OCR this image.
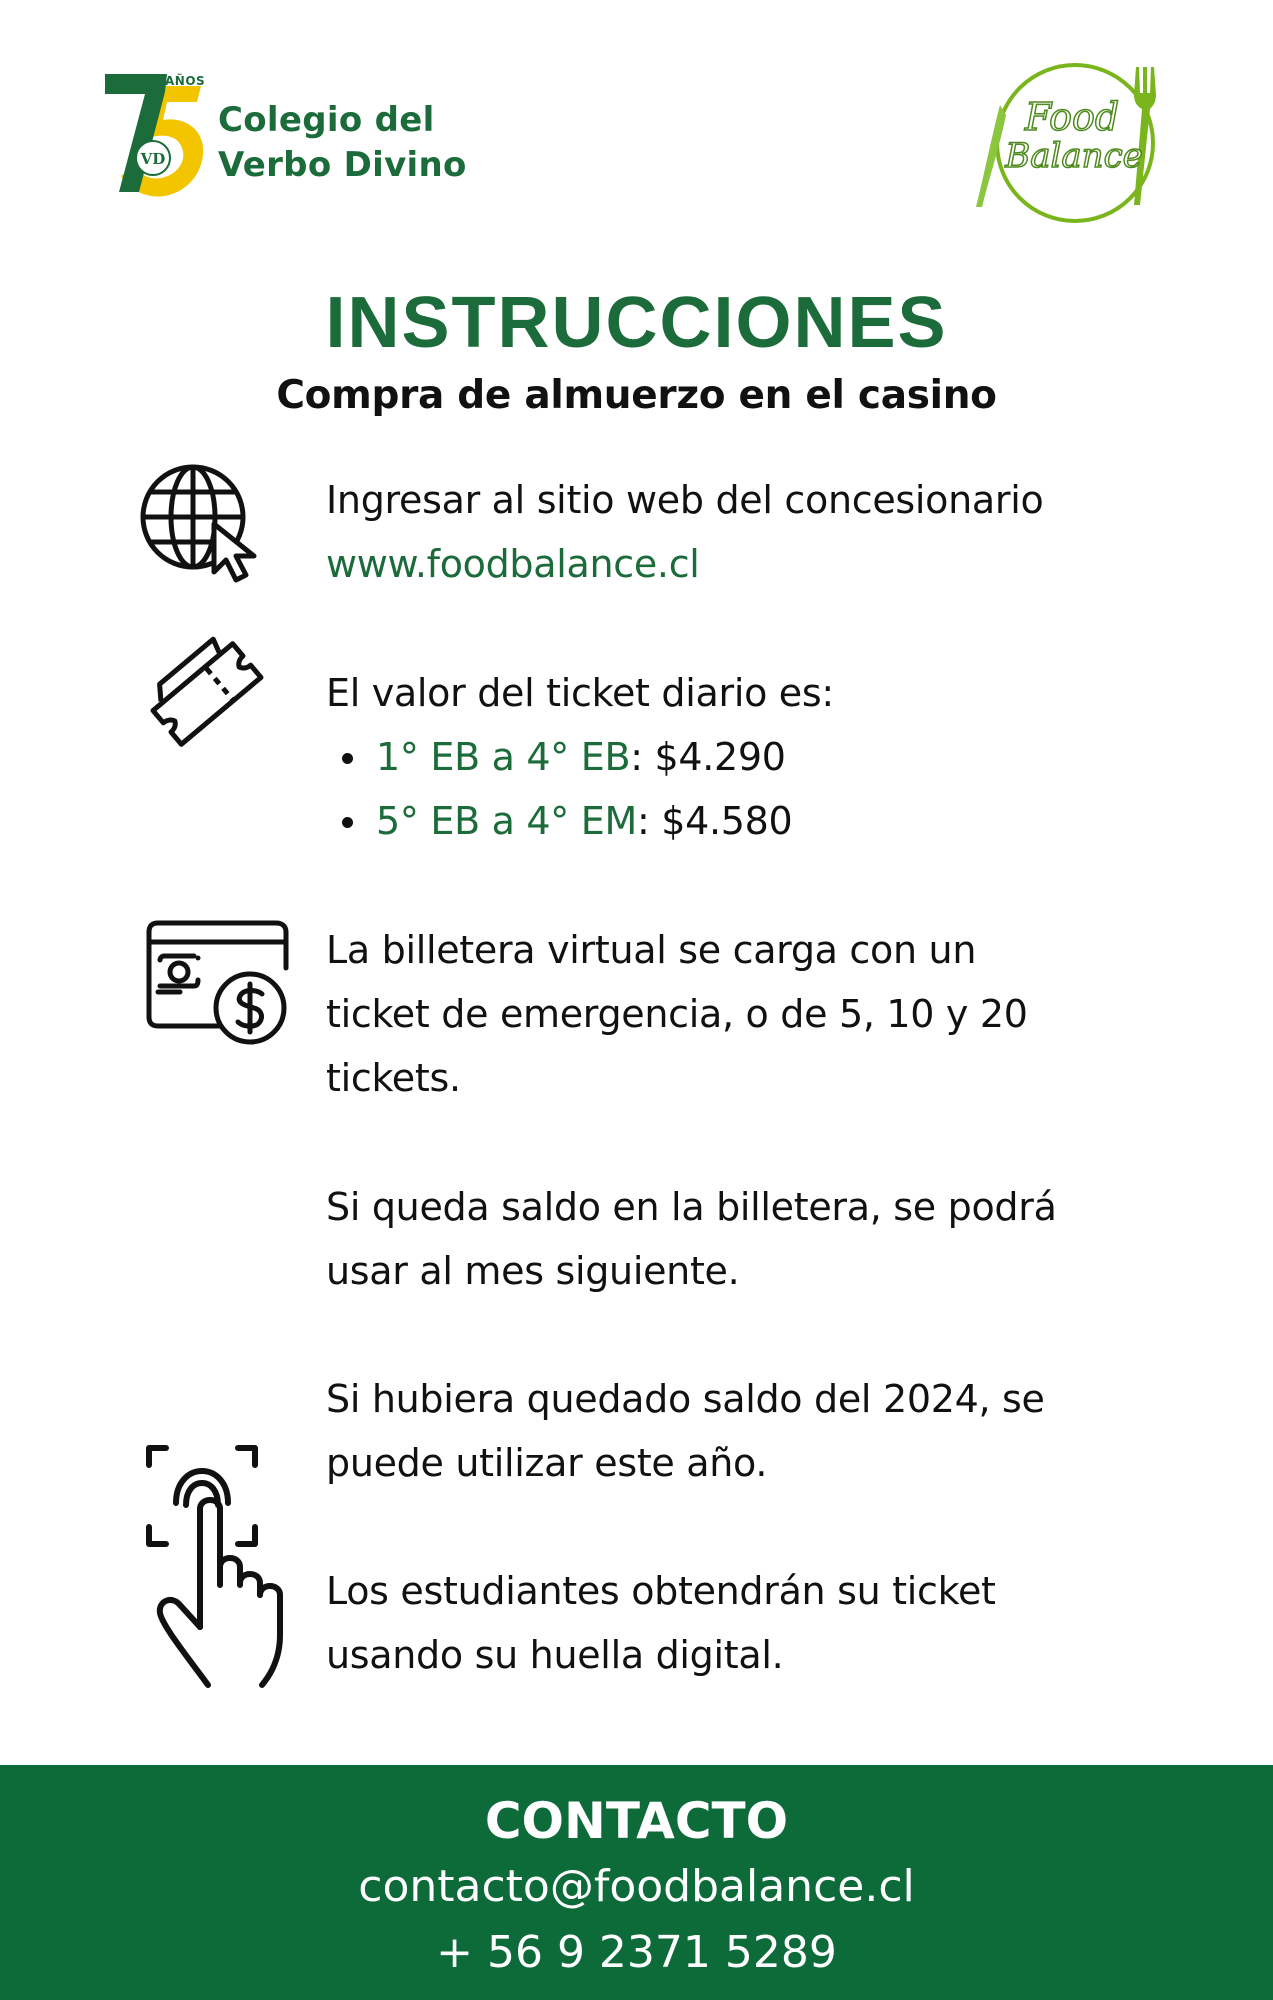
VD
AÑOS
Colegio del
Verbo Divino
Food
Balance
INSTRUCCIONES
Compra de almuerzo en el casino

Ingresar al sitio web del concesionario

www.foodbalance.cl

El valor del ticket diario es:

1° EB a 4° EB: $4.290
5° EB a 4° EM: $4.580

La billetera virtual se carga con un

ticket de emergencia, o de 5, 10 y 20

tickets.

Si queda saldo en la billetera, se podrá

usar al mes siguiente.

Si hubiera quedado saldo del 2024, se

puede utilizar este año.

Los estudiantes obtendrán su ticket

usando su huella digital.

CONTACTO
contacto@foodbalance.cl
+ 56 9 2371 5289
